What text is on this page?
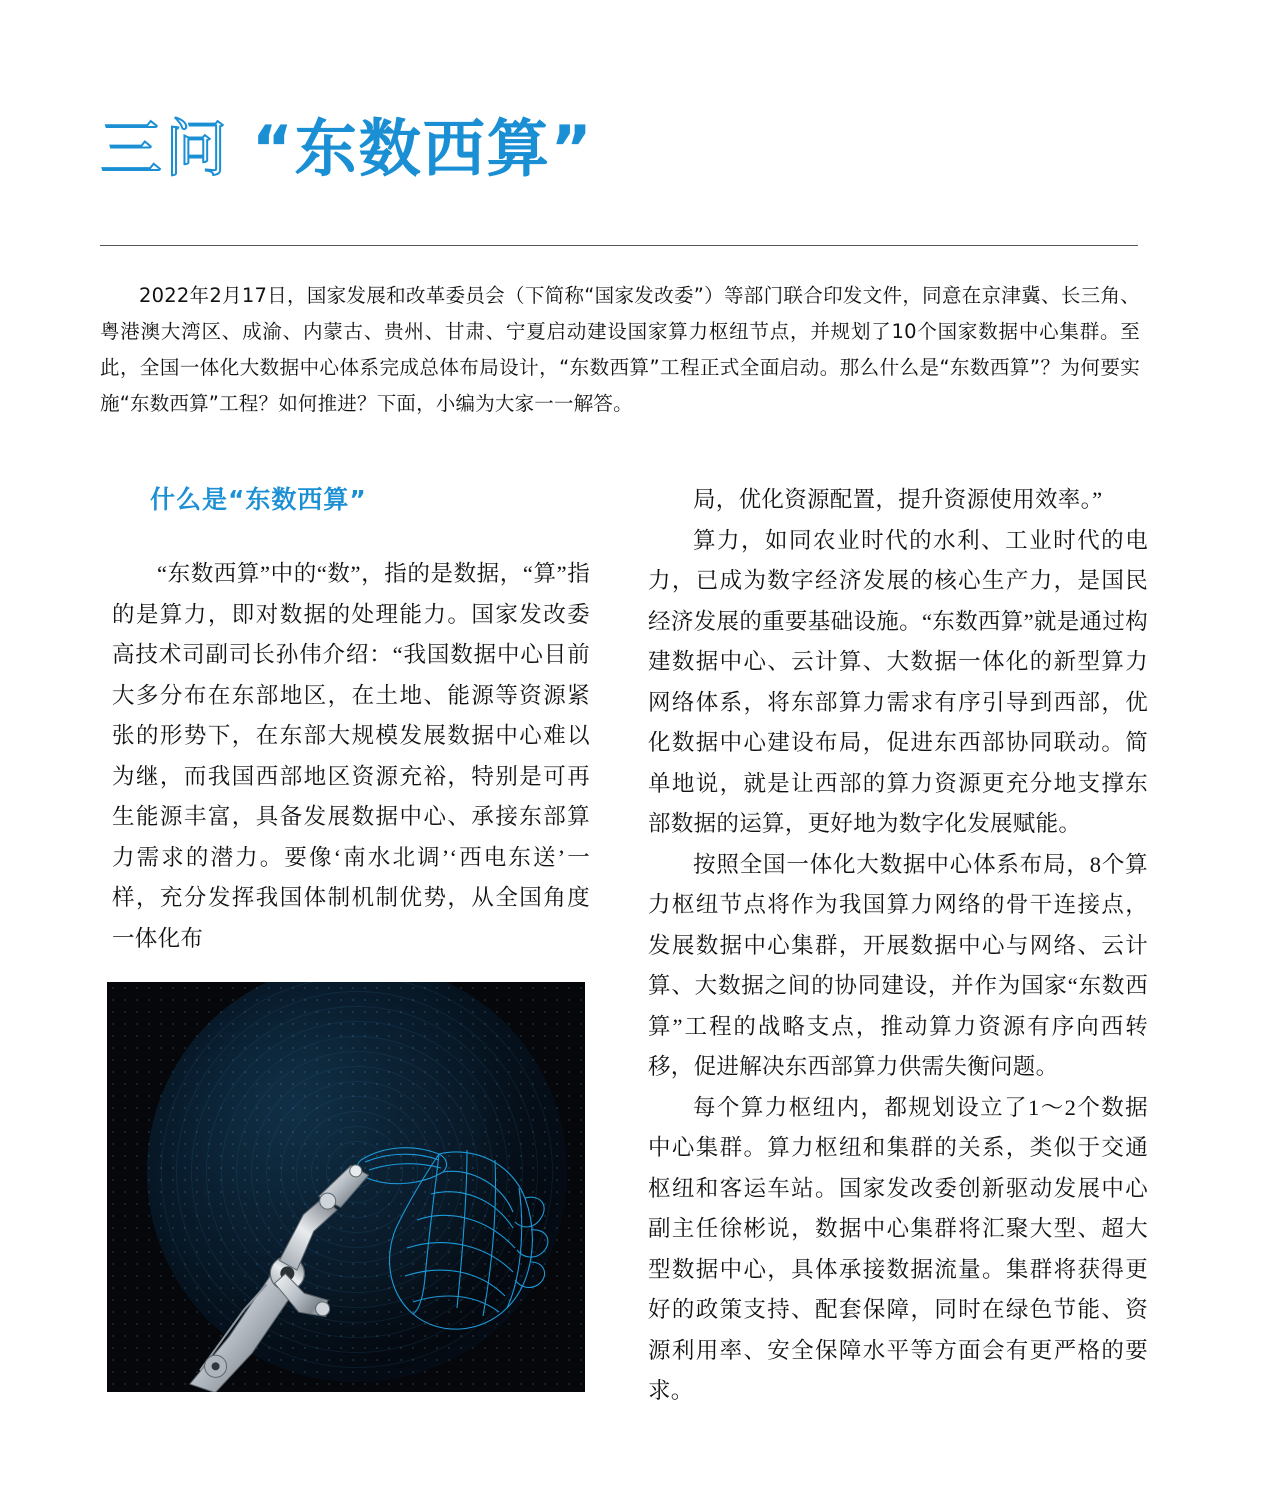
三问 “东数西算”

2022年2月17日，国家发展和改革委员会（下简称“国家发改委”）等部门联合印发文件，同意在京津冀、长三角、粤港澳大湾区、成渝、内蒙古、贵州、甘肃、宁夏启动建设国家算力枢纽节点，并规划了10个国家数据中心集群。至此，全国一体化大数据中心体系完成总体布局设计，“东数西算”工程正式全面启动。那么什么是“东数西算”？为何要实施“东数西算”工程？如何推进？下面，小编为大家一一解答。

什么是“东数西算”

“东数西算”中的“数”，指的是数据，“算”指的是算力，即对数据的处理能力。国家发改委高技术司副司长孙伟介绍：“我国数据中心目前大多分布在东部地区，在土地、能源等资源紧张的形势下，在东部大规模发展数据中心难以为继，而我国西部地区资源充裕，特别是可再生能源丰富，具备发展数据中心、承接东部算力需求的潜力。要像‘南水北调’‘西电东送’一样，充分发挥我国体制机制优势，从全国角度一体化布

局，优化资源配置，提升资源使用效率。”

算力，如同农业时代的水利、工业时代的电力，已成为数字经济发展的核心生产力，是国民经济发展的重要基础设施。“东数西算”就是通过构建数据中心、云计算、大数据一体化的新型算力网络体系，将东部算力需求有序引导到西部，优化数据中心建设布局，促进东西部协同联动。简单地说，就是让西部的算力资源更充分地支撑东部数据的运算，更好地为数字化发展赋能。

按照全国一体化大数据中心体系布局，8个算力枢纽节点将作为我国算力网络的骨干连接点，发展数据中心集群，开展数据中心与网络、云计算、大数据之间的协同建设，并作为国家“东数西算”工程的战略支点，推动算力资源有序向西转移，促进解决东西部算力供需失衡问题。

每个算力枢纽内，都规划设立了1～2个数据中心集群。算力枢纽和集群的关系，类似于交通枢纽和客运车站。国家发改委创新驱动发展中心副主任徐彬说，数据中心集群将汇聚大型、超大型数据中心，具体承接数据流量。集群将获得更好的政策支持、配套保障，同时在绿色节能、资源利用率、安全保障水平等方面会有更严格的要求。
